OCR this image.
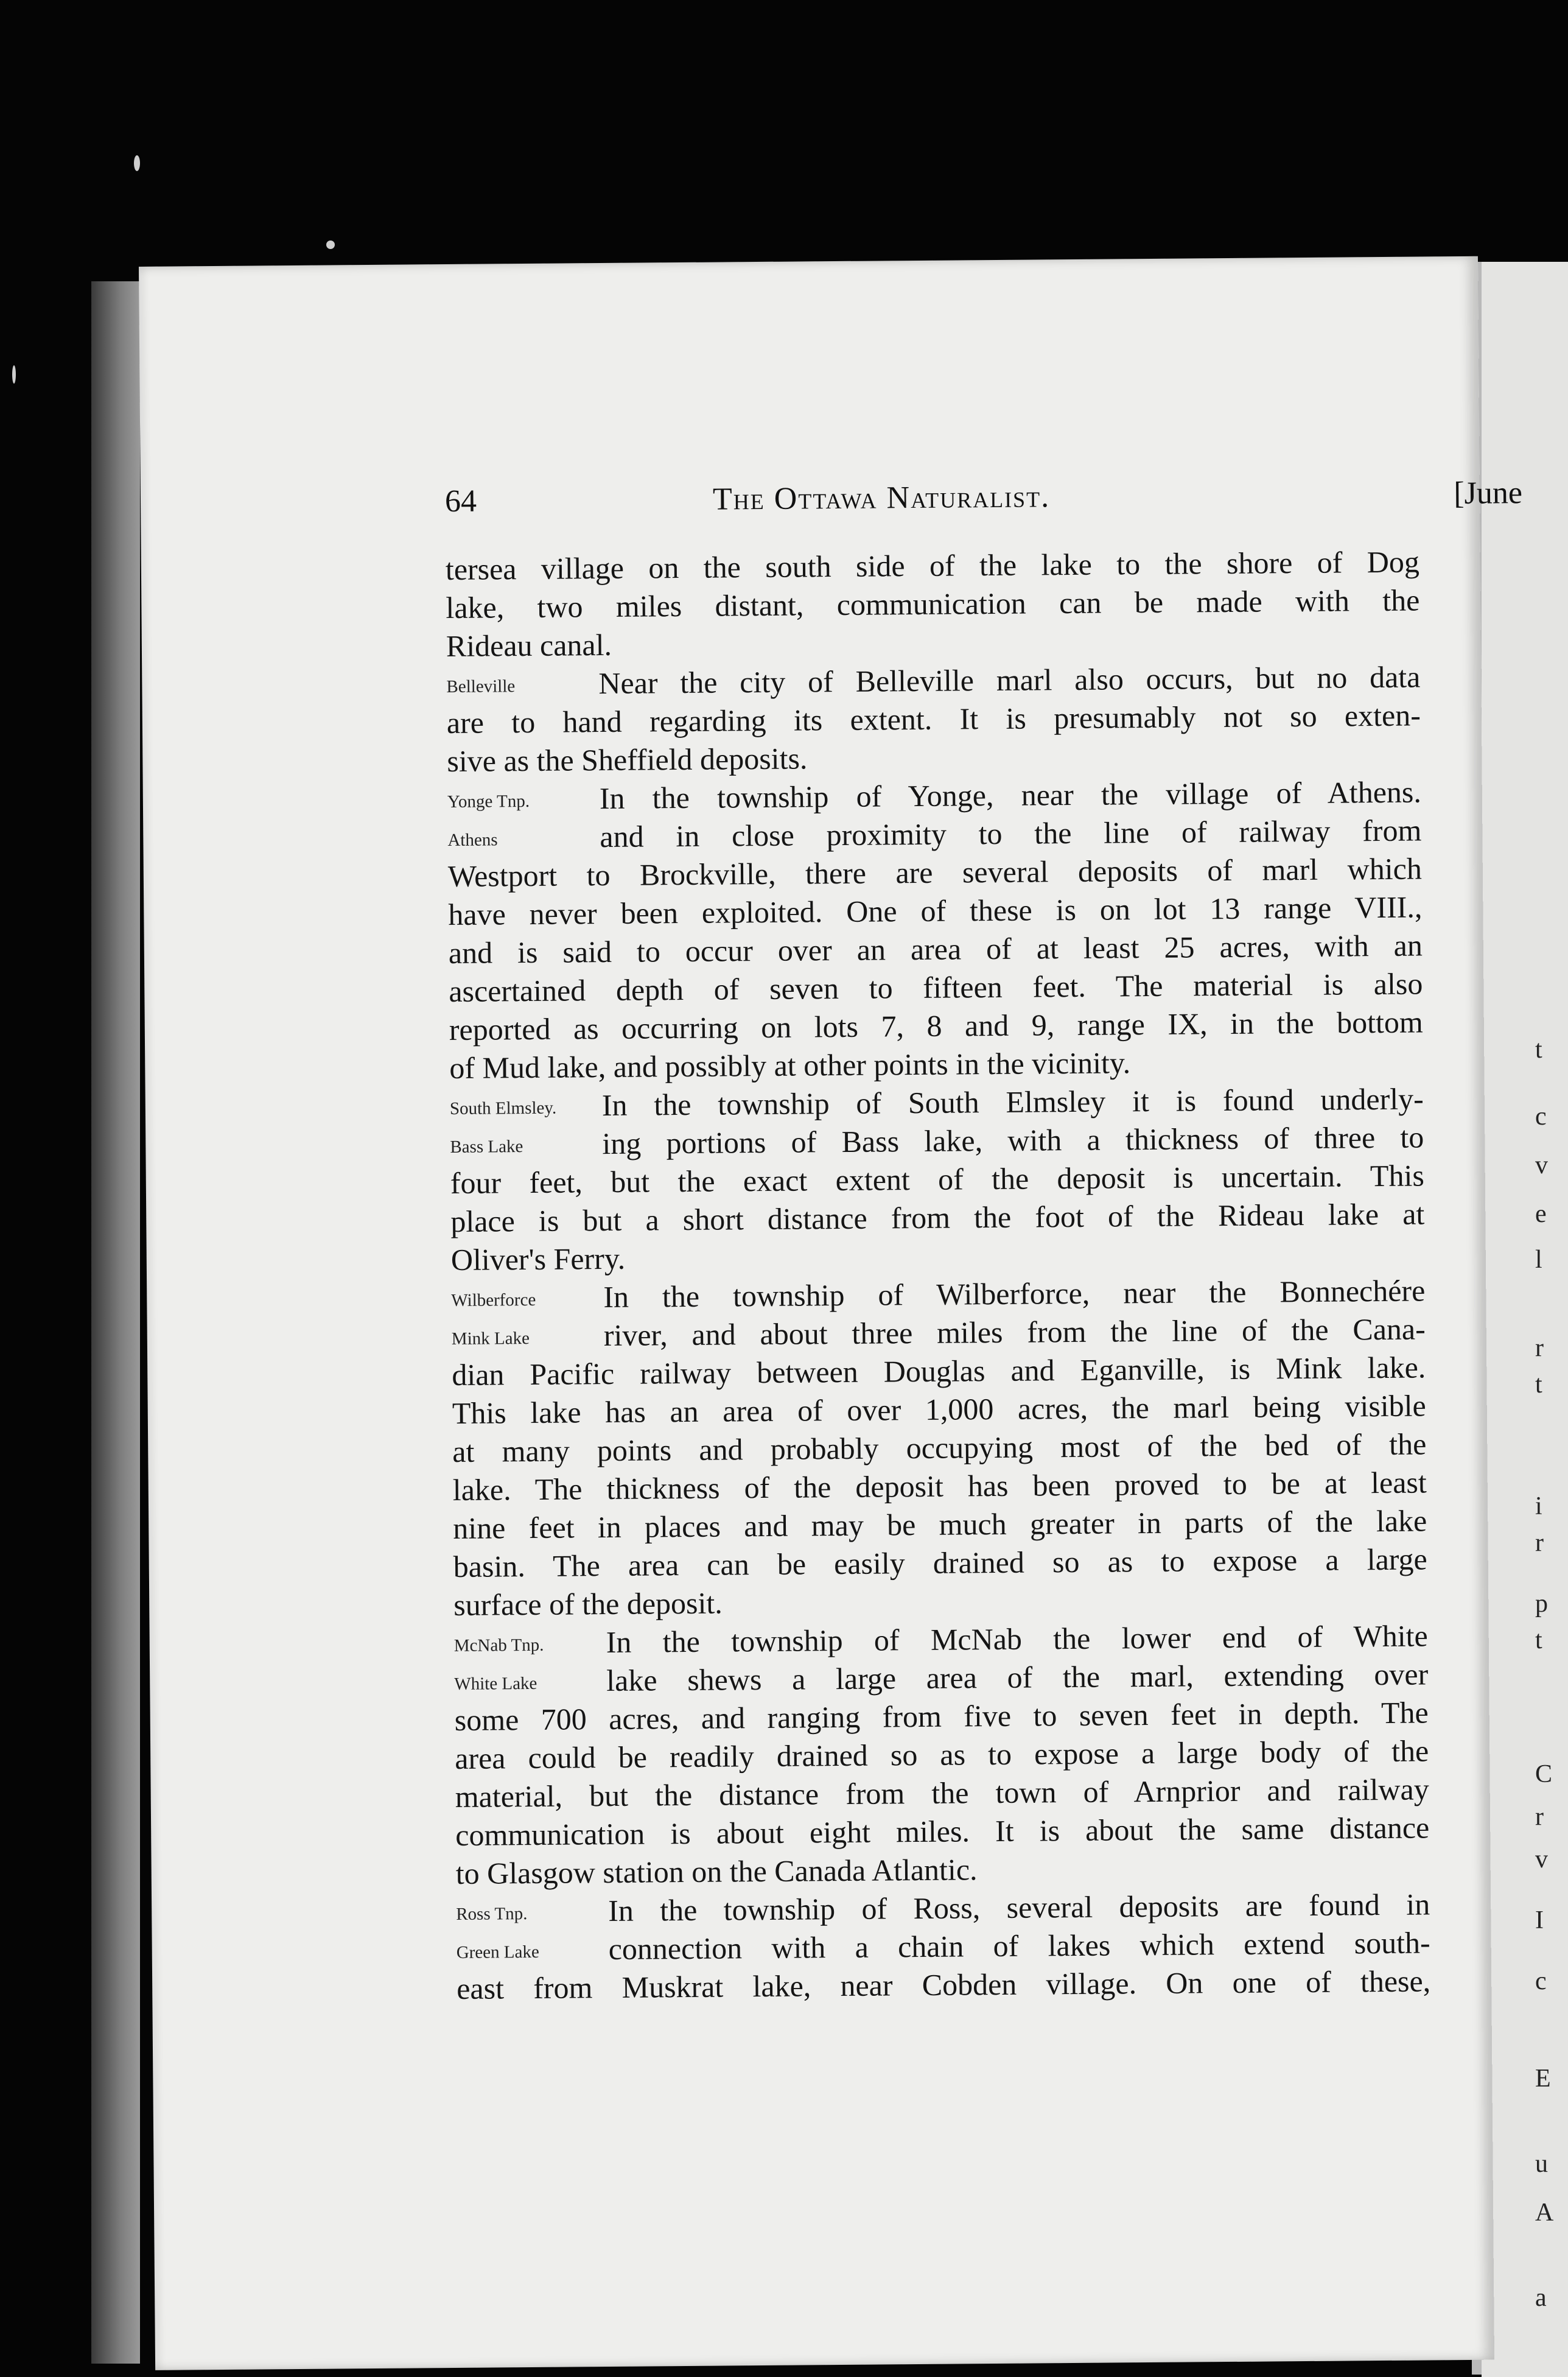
t
c
v
e
l
r
t
i
r
p
t
C
r
v
I
c
E
u
A
a
64	The Ottawa Naturalist.	[June
tersea village on the south side of the lake to the shore of Dog
lake, two miles distant, communication can be made with the
Rideau canal.
Belleville	Near the city of Belleville marl also occurs, but no data
are to hand regarding its extent. It is presumably not so exten-
sive as the Sheffield deposits.
Yonge Tnp.
Athens
In the township of Yonge, near the village of Athens.
and in close proximity to the line of railway from
Westport to Brockville, there are several deposits of marl which
have never been exploited. One of these is on lot 13 range VIII.,
and is said to occur over an area of at least 25 acres, with an
ascertained depth of seven to fifteen feet. The material is also
reported as occurring on lots 7, 8 and 9, range IX, in the bottom
of Mud lake, and possibly at other points in the vicinity.
South Elmsley.
Bass Lake
In the township of South Elmsley it is found underly-
ing portions of Bass lake, with a thickness of three to
four feet, but the exact extent of the deposit is uncertain. This
place is but a short distance from the foot of the Rideau lake at
Oliver's Ferry.
Wilberforce
Mink Lake
In the township of Wilberforce, near the Bonnechére
river, and about three miles from the line of the Cana-
dian Pacific railway between Douglas and Eganville, is Mink lake.
This lake has an area of over 1,000 acres, the marl being visible
at many points and probably occupying most of the bed of the
lake. The thickness of the deposit has been proved to be at least
nine feet in places and may be much greater in parts of the lake
basin. The area can be easily drained so as to expose a large
surface of the deposit.
McNab Tnp.
White Lake
In the township of McNab the lower end of White
lake shews a large area of the marl, extending over
some 700 acres, and ranging from five to seven feet in depth. The
area could be readily drained so as to expose a large body of the
material, but the distance from the town of Arnprior and railway
communication is about eight miles. It is about the same distance
to Glasgow station on the Canada Atlantic.
Ross Tnp.
Green Lake
In the township of Ross, several deposits are found in
connection with a chain of lakes which extend south-
east from Muskrat lake, near Cobden village. On one of these,
